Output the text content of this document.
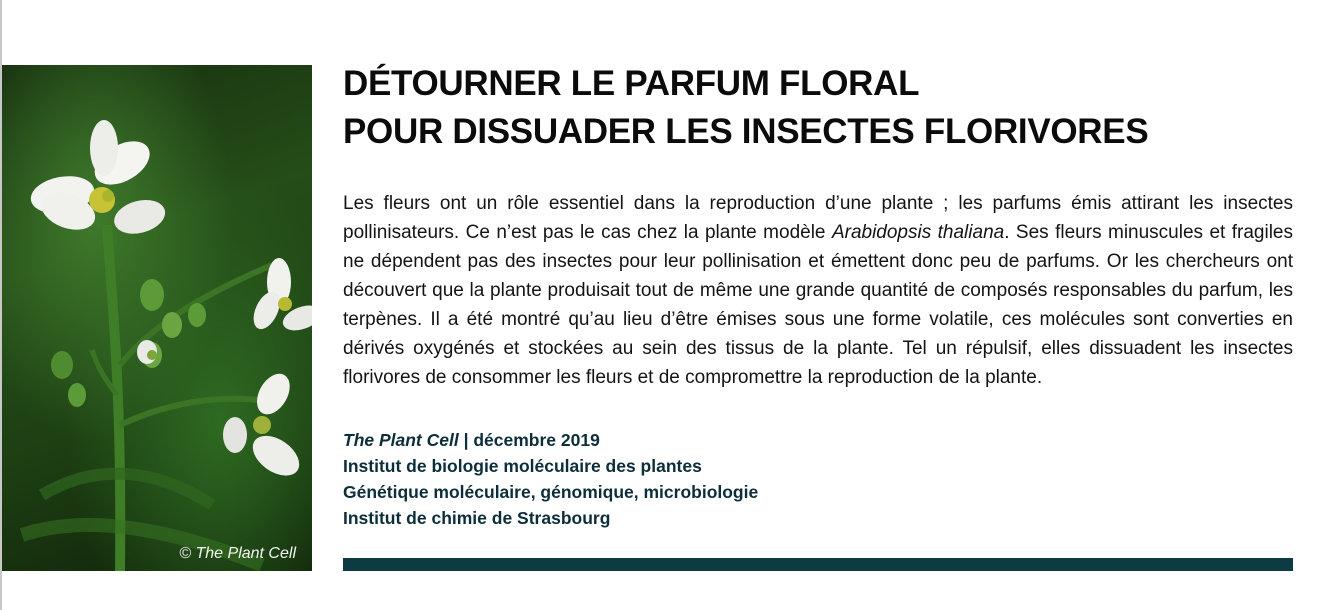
© The Plant Cell
DÉTOURNER LE PARFUM FLORAL
POUR DISSUADER LES INSECTES FLORIVORES

Les fleurs ont un rôle essentiel dans la reproduction d’une plante ; les parfums émis attirant les insectes pollinisateurs. Ce n’est pas le cas chez la plante modèle Arabidopsis thaliana. Ses fleurs minuscules et fragiles ne dépendent pas des insectes pour leur pollinisation et émettent donc peu de parfums. Or les chercheurs ont découvert que la plante produisait tout de même une grande quantité de composés responsables du parfum, les terpènes. Il a été montré qu’au lieu d’être émises sous une forme volatile, ces molécules sont converties en dérivés oxygénés et stockées au sein des tissus de la plante. Tel un répulsif, elles dissuadent les insectes florivores de consommer les fleurs et de compromettre la reproduction de la plante.

The Plant Cell | décembre 2019
Institut de biologie moléculaire des plantes
Génétique moléculaire, génomique, microbiologie
Institut de chimie de Strasbourg
